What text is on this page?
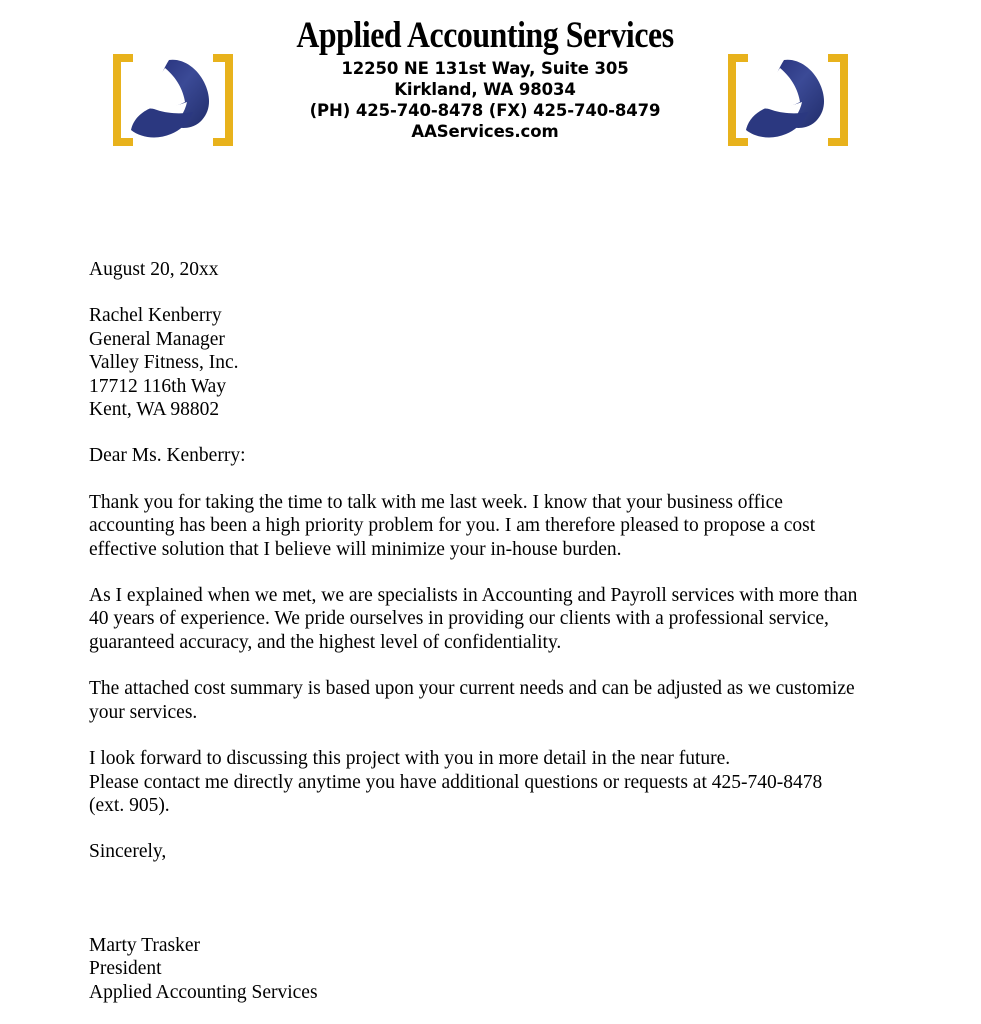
Applied Accounting Services
12250 NE 131st Way, Suite 305
Kirkland, WA 98034
(PH) 425-740-8478 (FX) 425-740-8479
AAServices.com
August 20, 20xx
Rachel Kenberry
General Manager
Valley Fitness, Inc.
17712 116th Way
Kent, WA 98802
Dear Ms. Kenberry:

Thank you for taking the time to talk with me last week. I know that your business office accounting has been a high priority problem for you. I am therefore pleased to propose a cost effective solution that I believe will minimize your in-house burden.

As I explained when we met, we are specialists in Accounting and Payroll services with more than 40 years of experience. We pride ourselves in providing our clients with a professional service, guaranteed accuracy, and the highest level of confidentiality.

The attached cost summary is based upon your current needs and can be adjusted as we customize your services.

I look forward to discussing this project with you in more detail in the near future.
Please contact me directly anytime you have additional questions or requests at 425-740-8478 (ext. 905).
Sincerely,
Marty Trasker
President
Applied Accounting Services
